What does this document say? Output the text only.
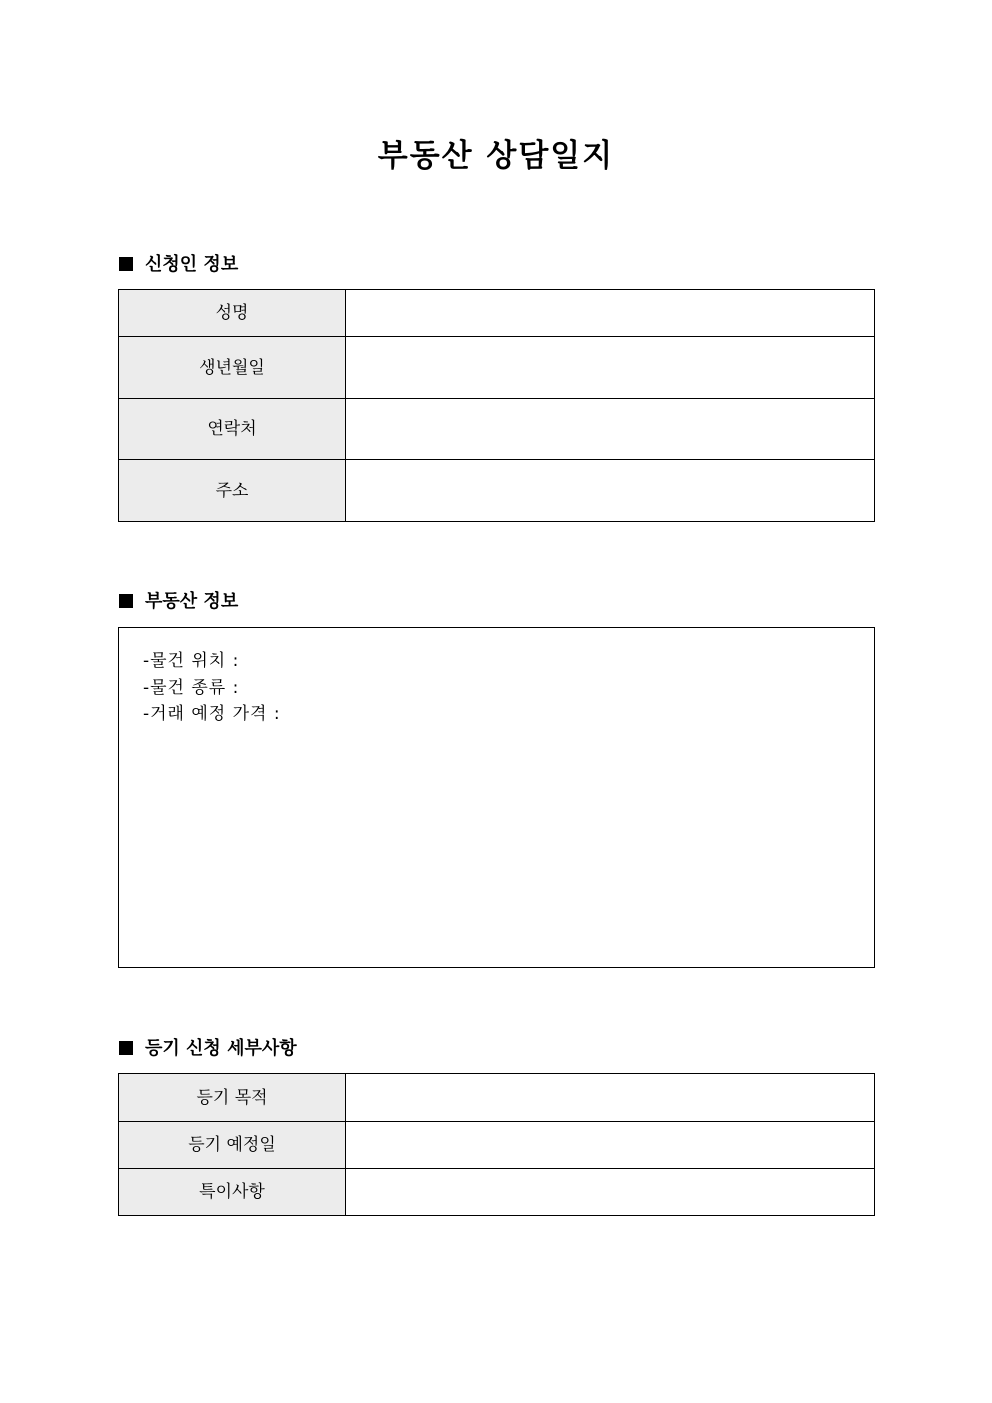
부동산 상담일지
신청인 정보
성명	
생년월일	
연락처	
주소	
부동산 정보
-물건 위치 :
-물건 종류 :
-거래 예정 가격 :
등기 신청 세부사항
등기 목적	
등기 예정일	
특이사항	
